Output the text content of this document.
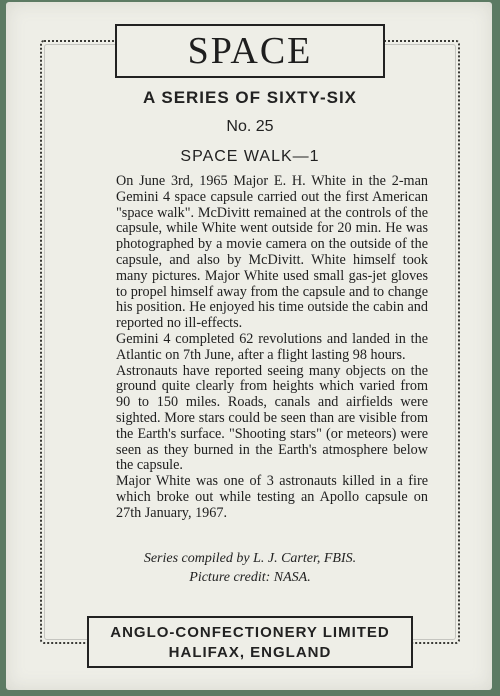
SPACE
A SERIES OF SIXTY-SIX
No. 25
SPACE WALK—1

On June 3rd, 1965 Major E. H. White in the 2-man Gemini 4 space capsule carried out the first American "space walk". McDivitt remained at the controls of the capsule, while White went outside for 20 min. He was photographed by a movie camera on the outside of the capsule, and also by McDivitt. White himself took many pictures. Major White used small gas-jet gloves to propel himself away from the capsule and to change his position. He enjoyed his time outside the cabin and reported no ill-effects.

Gemini 4 completed 62 revolutions and landed in the Atlantic on 7th June, after a flight lasting 98 hours.

Astronauts have reported seeing many objects on the ground quite clearly from heights which varied from 90 to 150 miles. Roads, canals and airfields were sighted. More stars could be seen than are visible from the Earth's surface. "Shooting stars" (or meteors) were seen as they burned in the Earth's atmosphere below the capsule.

Major White was one of 3 astronauts killed in a fire which broke out while testing an Apollo capsule on 27th January, 1967.

Series compiled by L. J. Carter, FBIS.
Picture credit: NASA.
ANGLO-CONFECTIONERY LIMITED
HALIFAX, ENGLAND
